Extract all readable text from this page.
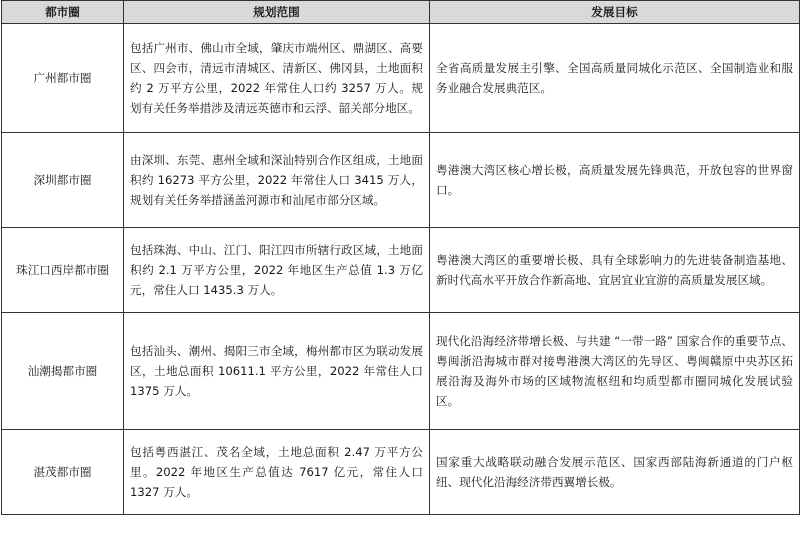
都市圈	规划范围	发展目标
广州都市圈	包括广州市、佛山市全域，肇庆市端州区、鼎湖区、高要区、四会市，清远市清城区、清新区、佛冈县，土地面积约 2 万平方公里，2022 年常住人口约 3257 万人。规划有关任务举措涉及清远英德市和云浮、韶关部分地区。	全省高质量发展主引擎、全国高质量同城化示范区、全国制造业和服务业融合发展典范区。
深圳都市圈	由深圳、东莞、惠州全域和深汕特别合作区组成，土地面积约 16273 平方公里，2022 年常住人口 3415 万人，规划有关任务举措涵盖河源市和汕尾市部分区域。	粤港澳大湾区核心增长极，高质量发展先锋典范，开放包容的世界窗口。
珠江口西岸都市圈	包括珠海、中山、江门、阳江四市所辖行政区域，土地面积约 2.1 万平方公里，2022 年地区生产总值 1.3 万亿元，常住人口 1435.3 万人。	粤港澳大湾区的重要增长极、具有全球影响力的先进装备制造基地、新时代高水平开放合作新高地、宜居宜业宜游的高质量发展区域。
汕潮揭都市圈	包括汕头、潮州、揭阳三市全域，梅州都市区为联动发展区，土地总面积 10611.1 平方公里，2022 年常住人口 1375 万人。	现代化沿海经济带增长极、与共建 “一带一路” 国家合作的重要节点、粤闽浙沿海城市群对接粤港澳大湾区的先导区、粤闽赣原中央苏区拓展沿海及海外市场的区域物流枢纽和均质型都市圈同城化发展试验区。
湛茂都市圈	包括粤西湛江、茂名全域，土地总面积 2.47 万平方公里。2022 年地区生产总值达 7617 亿元，常住人口 1327 万人。	国家重大战略联动融合发展示范区、国家西部陆海新通道的门户枢纽、现代化沿海经济带西翼增长极。
